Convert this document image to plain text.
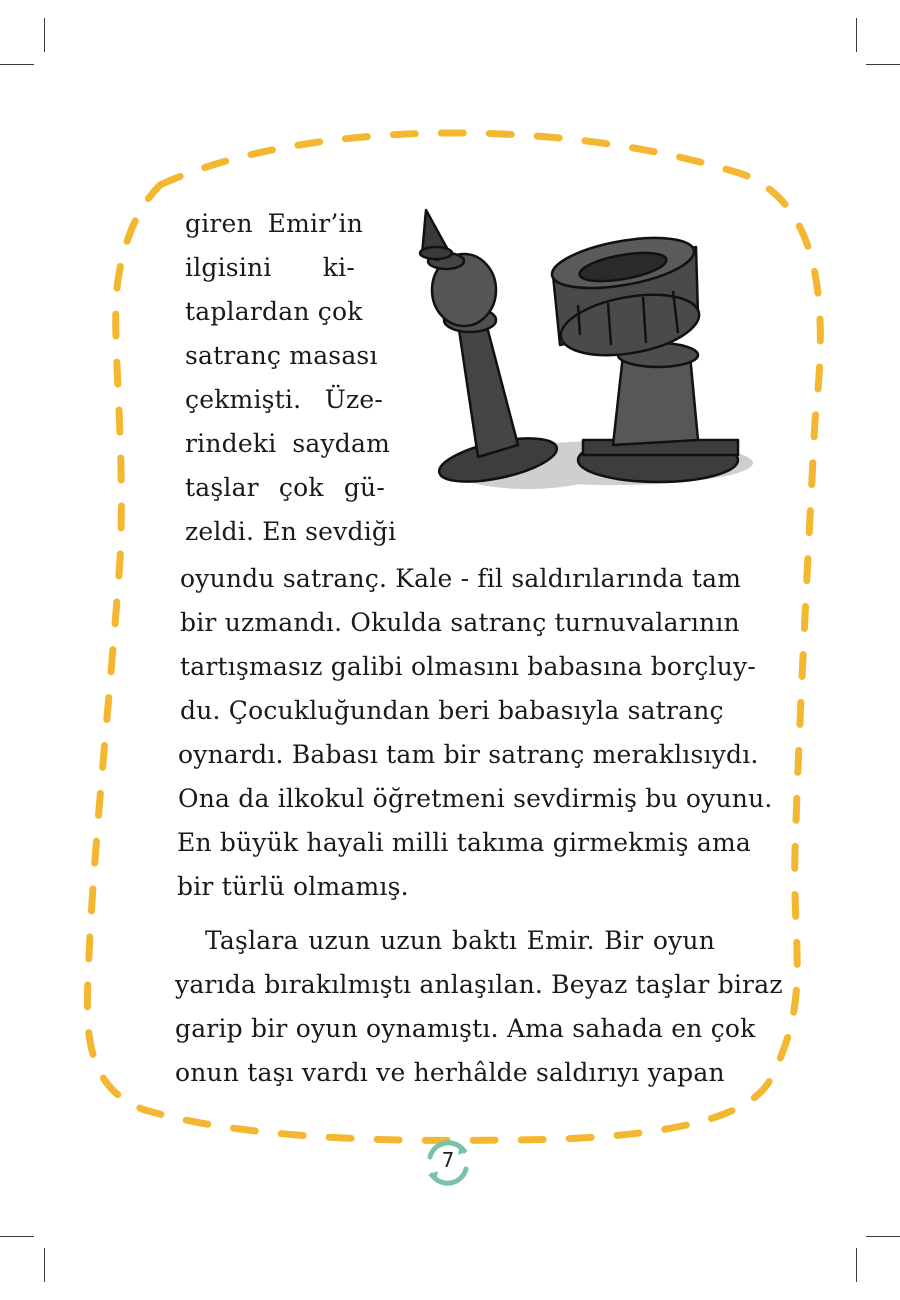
giren Emir’in
ilgisini ki-
taplardan çok
satranç masası
çekmişti. Üze-
rindeki saydam
taşlar çok gü-
zeldi. En sevdiği
oyundu satranç. Kale - fil saldırılarında tam
bir uzmandı. Okulda satranç turnuvalarının
tartışmasız galibi olmasını babasına borçluy-
du. Çocukluğundan beri babasıyla satranç
oynardı. Babası tam bir satranç meraklısıydı.
Ona da ilkokul öğretmeni sevdirmiş bu oyunu.
En büyük hayali milli takıma girmekmiş ama
bir türlü olmamış.
Taşlara uzun uzun baktı Emir. Bir oyun
yarıda bırakılmıştı anlaşılan. Beyaz taşlar biraz
garip bir oyun oynamıştı. Ama sahada en çok
onun taşı vardı ve herhâlde saldırıyı yapan
7
